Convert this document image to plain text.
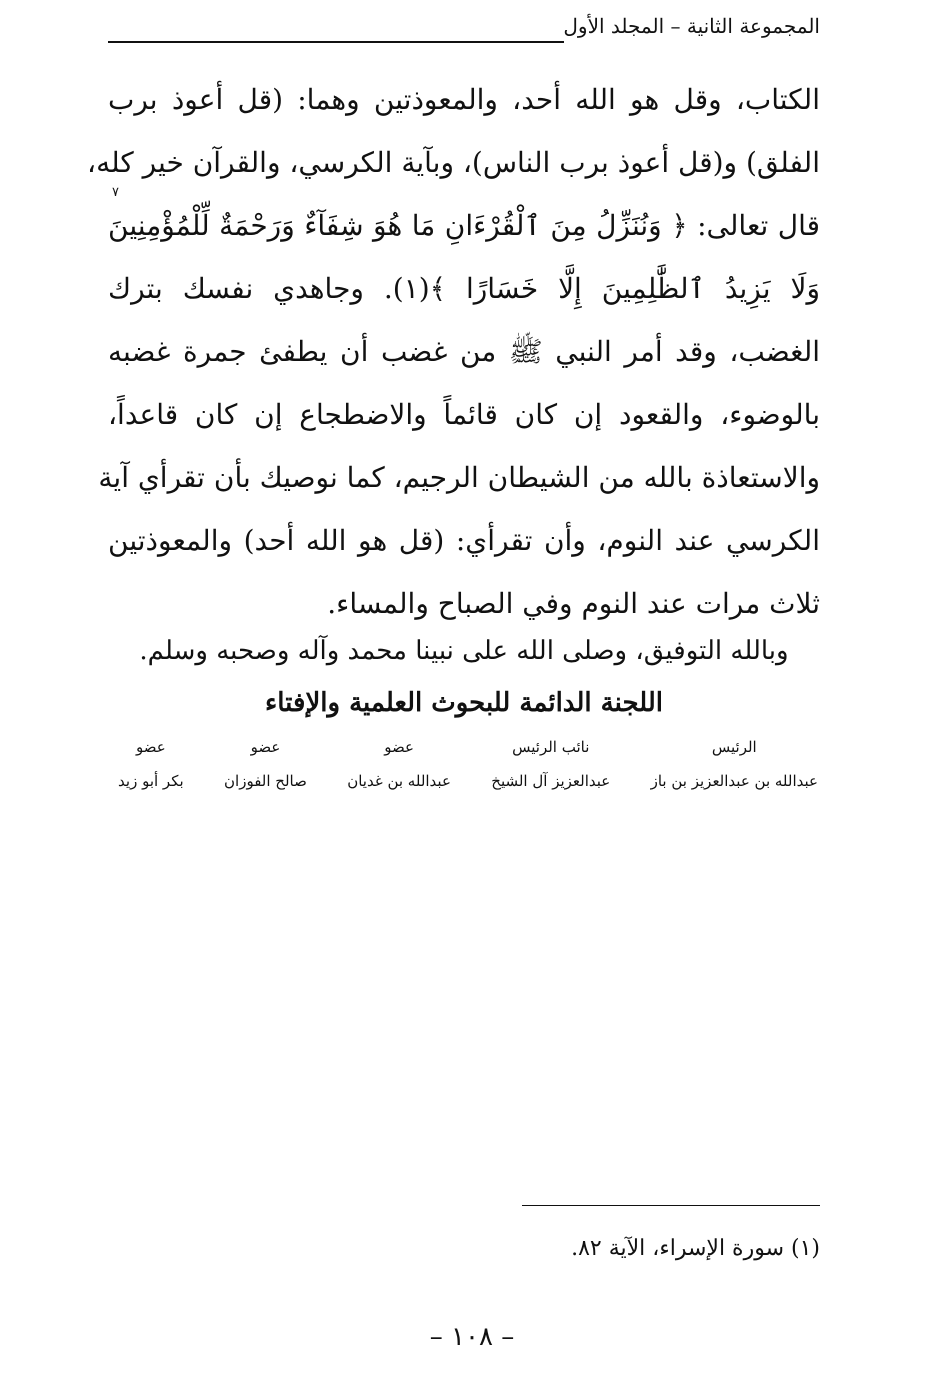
المجموعة الثانية – المجلد الأول
٧
الكتاب، وقل هو الله أحد، والمعوذتين وهما: (قل أعوذ برب
الفلق) و(قل أعوذ برب الناس)، وبآية الكرسي، والقرآن خير كله،
قال تعالى: ﴿ وَنُنَزِّلُ مِنَ ٱلْقُرْءَانِ مَا هُوَ شِفَآءٌ وَرَحْمَةٌ لِّلْمُؤْمِنِينَ
وَلَا يَزِيدُ ٱلظَّٰلِمِينَ إِلَّا خَسَارًا ﴾(١). وجاهدي نفسك بترك
الغضب، وقد أمر النبي ﷺ من غضب أن يطفئ جمرة غضبه
بالوضوء، والقعود إن كان قائماً والاضطجاع إن كان قاعداً،
والاستعاذة بالله من الشيطان الرجيم، كما نوصيك بأن تقرأي آية
الكرسي عند النوم، وأن تقرأي: (قل هو الله أحد) والمعوذتين
ثلاث مرات عند النوم وفي الصباح والمساء.
وبالله التوفيق، وصلى الله على نبينا محمد وآله وصحبه وسلم.
اللجنة الدائمة للبحوث العلمية والإفتاء
الرئيس
عبدالله بن عبدالعزيز بن باز
نائب الرئيس
عبدالعزيز آل الشيخ
عضو
عبدالله بن غديان
عضو
صالح الفوزان
عضو
بكر أبو زيد
(١) سورة الإسراء، الآية ٨٢.
– ١٠٨ –
